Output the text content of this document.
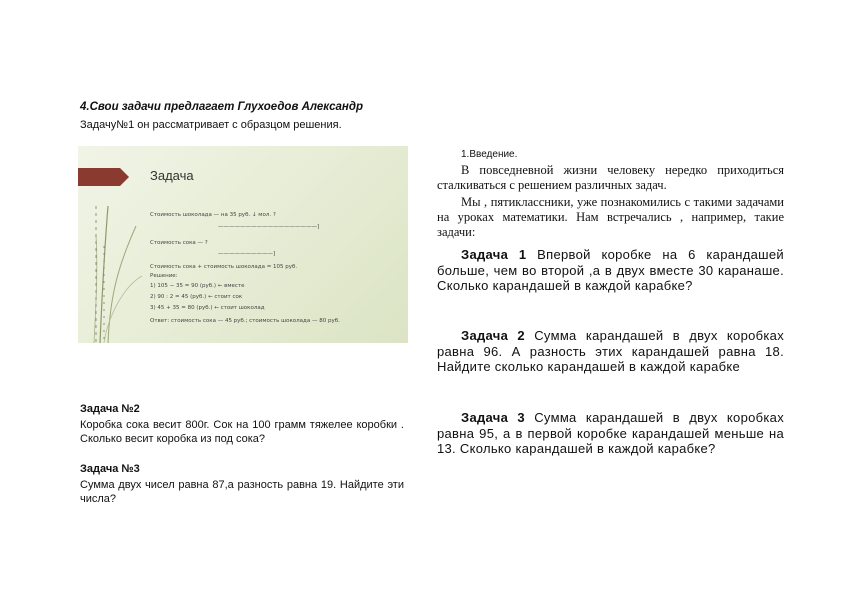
4.Свои задачи предлагает Глухоедов Александр
Задачу№1 он рассматривает с образцом решения.
Задача
Стоимость шоколада — на 35 руб. ↓ мол. ?
——————————————————]
Стоимость сока — ?
——————————]
Стоимость сока + стоимость шоколада = 105 руб.
Решение:
1) 105 − 35 = 90 (руб.) ← вместе
2) 90 : 2 = 45 (руб.) ← стоит сок
3) 45 + 35 = 80 (руб.) ← стоит шоколад
Ответ: стоимость сока — 45 руб.; стоимость шоколада — 80 руб.
Задача №2
Коробка сока весит 800г. Сок на 100 грамм тяжелее коробки . Сколько весит коробка из под сока?
Задача №3
Сумма двух чисел равна 87,а разность равна 19. Найдите эти числа?
1.Введение.
В повседневной жизни человеку нередко приходиться сталкиваться с решением различных задач.
Мы , пятиклассники, уже познакомились с такими задачами на уроках математики. Нам встречались , например, такие задачи:
Задача 1 Впервой коробке на 6 карандашей больше, чем во второй ,а в двух вместе 30 каранаше. Сколько карандашей в каждой карабке?
Задача 2 Сумма карандашей в двух коробках равна 96. А разность этих карандашей равна 18. Найдите сколько карандашей в каждой карабке
Задача 3 Сумма карандашей в двух коробках равна 95, а в первой коробке карандашей меньше на 13. Сколько карандашей в каждой карабке?
